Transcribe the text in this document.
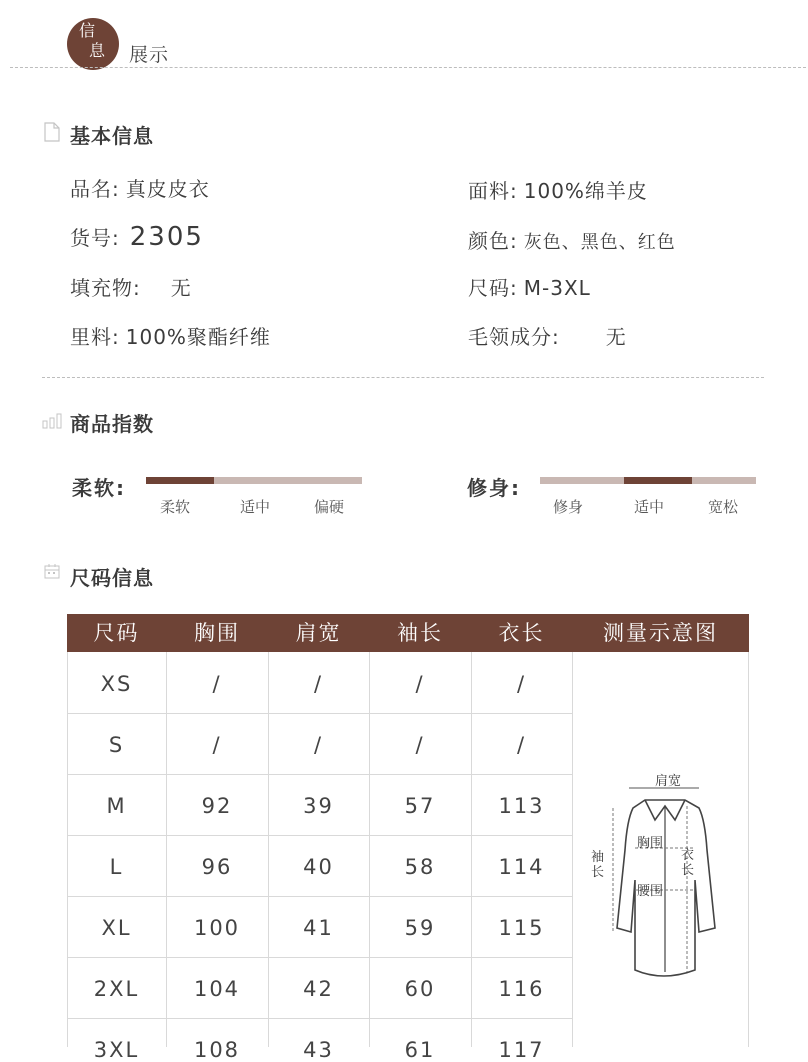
信
息 展示
基本信息
品名: 真皮皮衣
货号: 2305
填充物: 无
里料: 100%聚酯纤维
面料: 100%绵羊皮
颜色: 灰色、黑色、红色
尺码: M-3XL
毛领成分: 无
商品指数
柔软:
柔软	适中	偏硬
修身:
修身	适中	宽松
尺码信息
尺码	胸围	肩宽	袖长	衣长	测量示意图
XS	/	/	/	/
S	/	/	/	/
M	92	39	57	113
L	96	40	58	114
XL	100	41	59	115
2XL	104	42	60	116
3XL	108	43	61	117
肩宽
胸围
腰围
袖长
衣长
